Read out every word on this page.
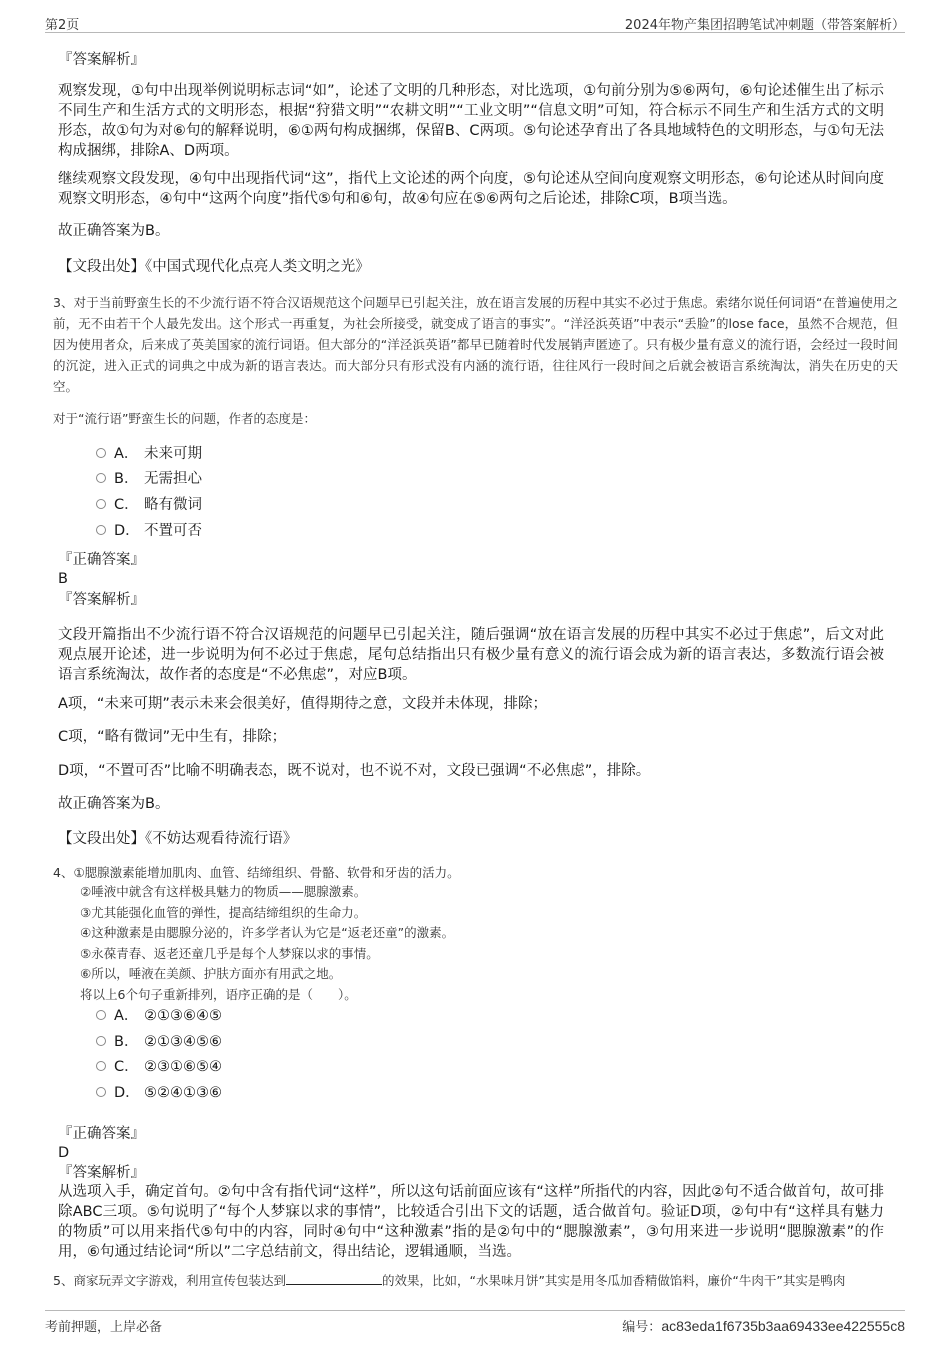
第2页	2024年物产集团招聘笔试冲刺题（带答案解析）
『答案解析』

观察发现，①句中出现举例说明标志词“如”，论述了文明的几种形态，对比选项，①句前分别为⑤⑥两句，⑥句论述催生出了标示不同生产和生活方式的文明形态，根据“狩猎文明”“农耕文明”“工业文明”“信息文明”可知，符合标示不同生产和生活方式的文明形态，故①句为对⑥句的解释说明，⑥①两句构成捆绑，保留B、C两项。⑤句论述孕育出了各具地域特色的文明形态，与①句无法构成捆绑，排除A、D两项。

继续观察文段发现，④句中出现指代词“这”，指代上文论述的两个向度，⑤句论述从空间向度观察文明形态，⑥句论述从时间向度观察文明形态，④句中“这两个向度”指代⑤句和⑥句，故④句应在⑤⑥两句之后论述，排除C项，B项当选。

故正确答案为B。
【文段出处】《中国式现代化点亮人类文明之光》

3、对于当前野蛮生长的不少流行语不符合汉语规范这个问题早已引起关注，放在语言发展的历程中其实不必过于焦虑。索绪尔说任何词语“在普遍使用之前，无不由若干个人最先发出。这个形式一再重复，为社会所接受，就变成了语言的事实”。“洋泾浜英语”中表示“丢脸”的lose face，虽然不合规范，但因为使用者众，后来成了英美国家的流行词语。但大部分的“洋泾浜英语”都早已随着时代发展销声匿迹了。只有极少量有意义的流行语，会经过一段时间的沉淀，进入正式的词典之中成为新的语言表达。而大部分只有形式没有内涵的流行语，往往风行一段时间之后就会被语言系统淘汰，消失在历史的天空。

对于“流行语”野蛮生长的问题，作者的态度是：
A． 未来可期
B． 无需担心
C． 略有微词
D． 不置可否
『正确答案』
B
『答案解析』

文段开篇指出不少流行语不符合汉语规范的问题早已引起关注，随后强调“放在语言发展的历程中其实不必过于焦虑”，后文对此观点展开论述，进一步说明为何不必过于焦虑，尾句总结指出只有极少量有意义的流行语会成为新的语言表达，多数流行语会被语言系统淘汰，故作者的态度是“不必焦虑”，对应B项。

A项，“未来可期”表示未来会很美好，值得期待之意，文段并未体现，排除；
C项，“略有微词”无中生有，排除；
D项，“不置可否”比喻不明确表态，既不说对，也不说不对，文段已强调“不必焦虑”，排除。
故正确答案为B。
【文段出处】《不妨达观看待流行语》
4、①腮腺激素能增加肌肉、血管、结缔组织、骨骼、软骨和牙齿的活力。
②唾液中就含有这样极具魅力的物质——腮腺激素。
③尤其能强化血管的弹性，提高结缔组织的生命力。
④这种激素是由腮腺分泌的，许多学者认为它是“返老还童”的激素。
⑤永葆青春、返老还童几乎是每个人梦寐以求的事情。
⑥所以，唾液在美颜、护肤方面亦有用武之地。
将以上6个句子重新排列，语序正确的是（　　）。
A． ②①③⑥④⑤
B． ②①③④⑤⑥
C． ②③①⑥⑤④
D． ⑤②④①③⑥
『正确答案』
D
『答案解析』

从选项入手，确定首句。②句中含有指代词“这样”，所以这句话前面应该有“这样”所指代的内容，因此②句不适合做首句，故可排除ABC三项。⑤句说明了“每个人梦寐以求的事情”，比较适合引出下文的话题，适合做首句。验证D项，②句中有“这样具有魅力的物质”可以用来指代⑤句中的内容，同时④句中“这种激素”指的是②句中的“腮腺激素”，③句用来进一步说明“腮腺激素”的作用，⑥句通过结论词“所以”二字总结前文，得出结论，逻辑通顺，当选。

5、商家玩弄文字游戏，利用宣传包装达到	的效果，比如，“水果味月饼”其实是用冬瓜加香精做馅料，廉价“牛肉干”其实是鸭肉
考前押题，上岸必备	编号：ac83eda1f6735b3aa69433ee422555c8
